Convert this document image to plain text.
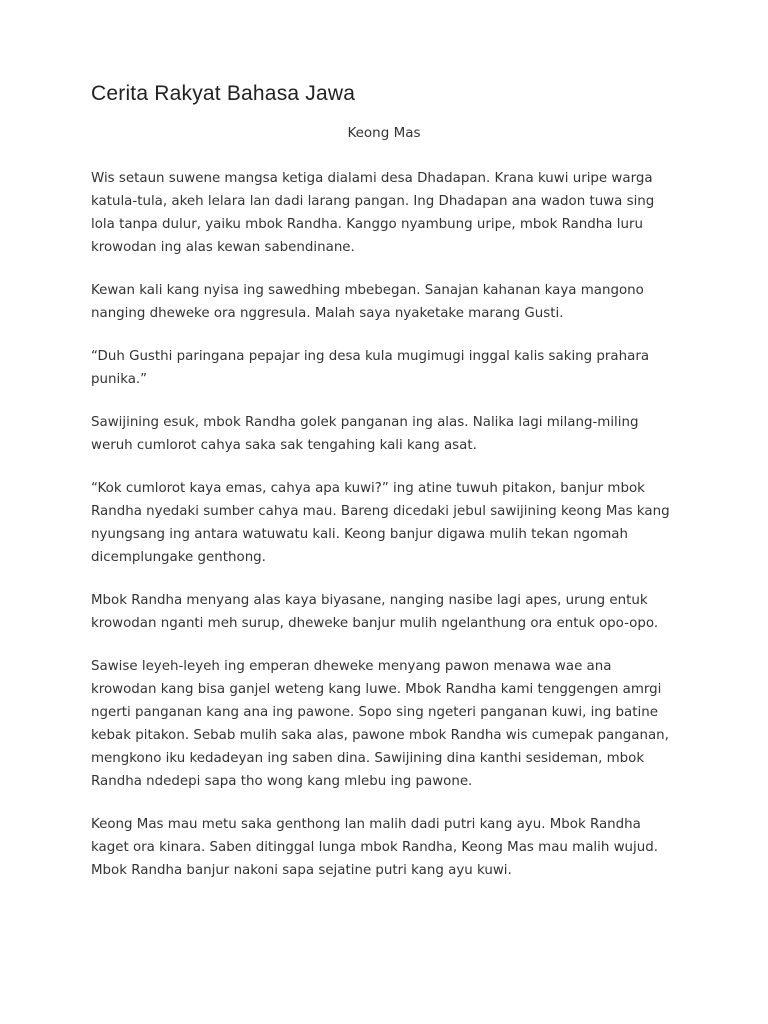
Cerita Rakyat Bahasa Jawa
Keong Mas

Wis setaun suwene mangsa ketiga dialami desa Dhadapan. Krana kuwi uripe warga katula-tula, akeh lelara lan dadi larang pangan. Ing Dhadapan ana wadon tuwa sing lola tanpa dulur, yaiku mbok Randha. Kanggo nyambung uripe, mbok Randha luru krowodan ing alas kewan sabendinane.

Kewan kali kang nyisa ing sawedhing mbebegan. Sanajan kahanan kaya mangono nanging dheweke ora nggresula. Malah saya nyaketake marang Gusti.

“Duh Gusthi paringana pepajar ing desa kula mugimugi inggal kalis saking prahara punika.”

Sawijining esuk, mbok Randha golek panganan ing alas. Nalika lagi milang-miling weruh cumlorot cahya saka sak tengahing kali kang asat.

“Kok cumlorot kaya emas, cahya apa kuwi?” ing atine tuwuh pitakon, banjur mbok Randha nyedaki sumber cahya mau. Bareng dicedaki jebul sawijining keong Mas kang nyungsang ing antara watuwatu kali. Keong banjur digawa mulih tekan ngomah dicemplungake genthong.

Mbok Randha menyang alas kaya biyasane, nanging nasibe lagi apes, urung entuk krowodan nganti meh surup, dheweke banjur mulih ngelanthung ora entuk opo-opo.

Sawise leyeh-leyeh ing emperan dheweke menyang pawon menawa wae ana krowodan kang bisa ganjel weteng kang luwe. Mbok Randha kami tenggengen amrgi ngerti panganan kang ana ing pawone. Sopo sing ngeteri panganan kuwi, ing batine kebak pitakon. Sebab mulih saka alas, pawone mbok Randha wis cumepak panganan, mengkono iku kedadeyan ing saben dina. Sawijining dina kanthi sesideman, mbok Randha ndedepi sapa tho wong kang mlebu ing pawone.

Keong Mas mau metu saka genthong lan malih dadi putri kang ayu. Mbok Randha kaget ora kinara. Saben ditinggal lunga mbok Randha, Keong Mas mau malih wujud. Mbok Randha banjur nakoni sapa sejatine putri kang ayu kuwi.
